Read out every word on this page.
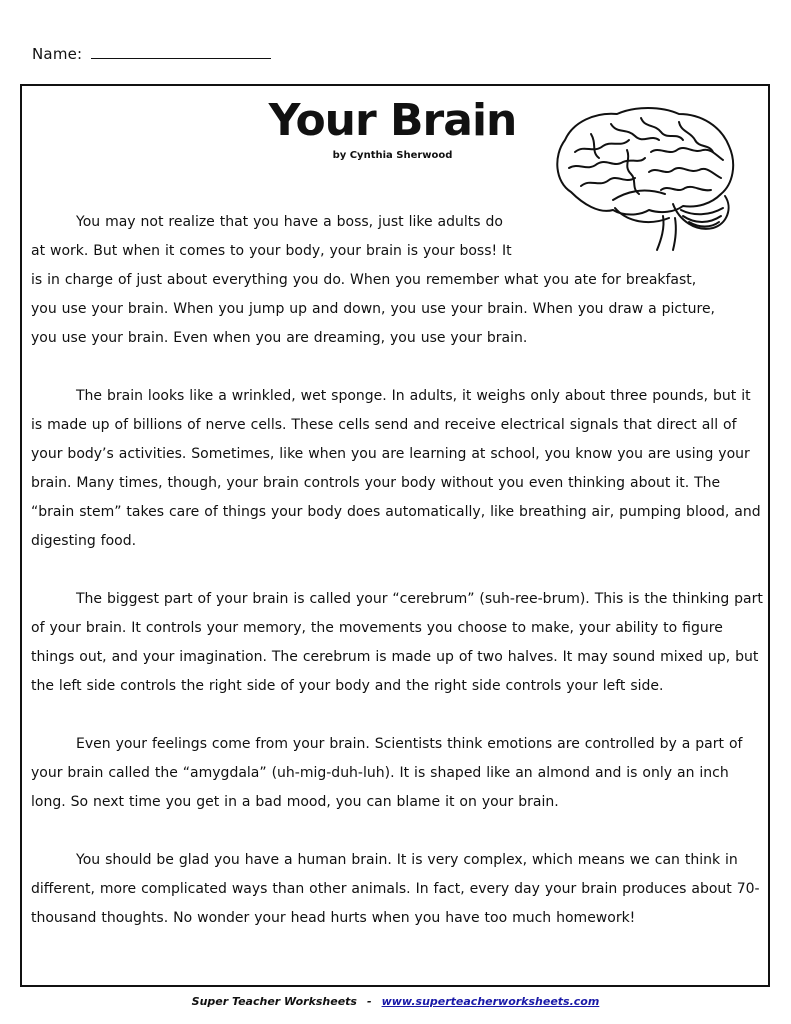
Name:
Your Brain
by Cynthia Sherwood

You may not realize that you have a boss, just like adults do

at work. But when it comes to your body, your brain is your boss! It
is in charge of just about everything you do. When you remember what you ate for breakfast,
you use your brain. When you jump up and down, you use your brain. When you draw a picture,
you use your brain. Even when you are dreaming, you use your brain.

The brain looks like a wrinkled, wet sponge. In adults, it weighs only about three pounds, but it is made up of billions of nerve cells. These cells send and receive electrical signals that direct all of your body’s activities. Sometimes, like when you are learning at school, you know you are using your brain. Many times, though, your brain controls your body without you even thinking about it. The “brain stem” takes care of things your body does automatically, like breathing air, pumping blood, and digesting food.

The biggest part of your brain is called your “cerebrum” (suh-ree-brum). This is the thinking part of your brain. It controls your memory, the movements you choose to make, your ability to figure things out, and your imagination. The cerebrum is made up of two halves. It may sound mixed up, but the left side controls the right side of your body and the right side controls your left side.

Even your feelings come from your brain. Scientists think emotions are controlled by a part of your brain called the “amygdala” (uh-mig-duh-luh). It is shaped like an almond and is only an inch long. So next time you get in a bad mood, you can blame it on your brain.

You should be glad you have a human brain. It is very complex, which means we can think in different, more complicated ways than other animals. In fact, every day your brain produces about 70-thousand thoughts. No wonder your head hurts when you have too much homework!

Super Teacher Worksheets - www.superteacherworksheets.com
